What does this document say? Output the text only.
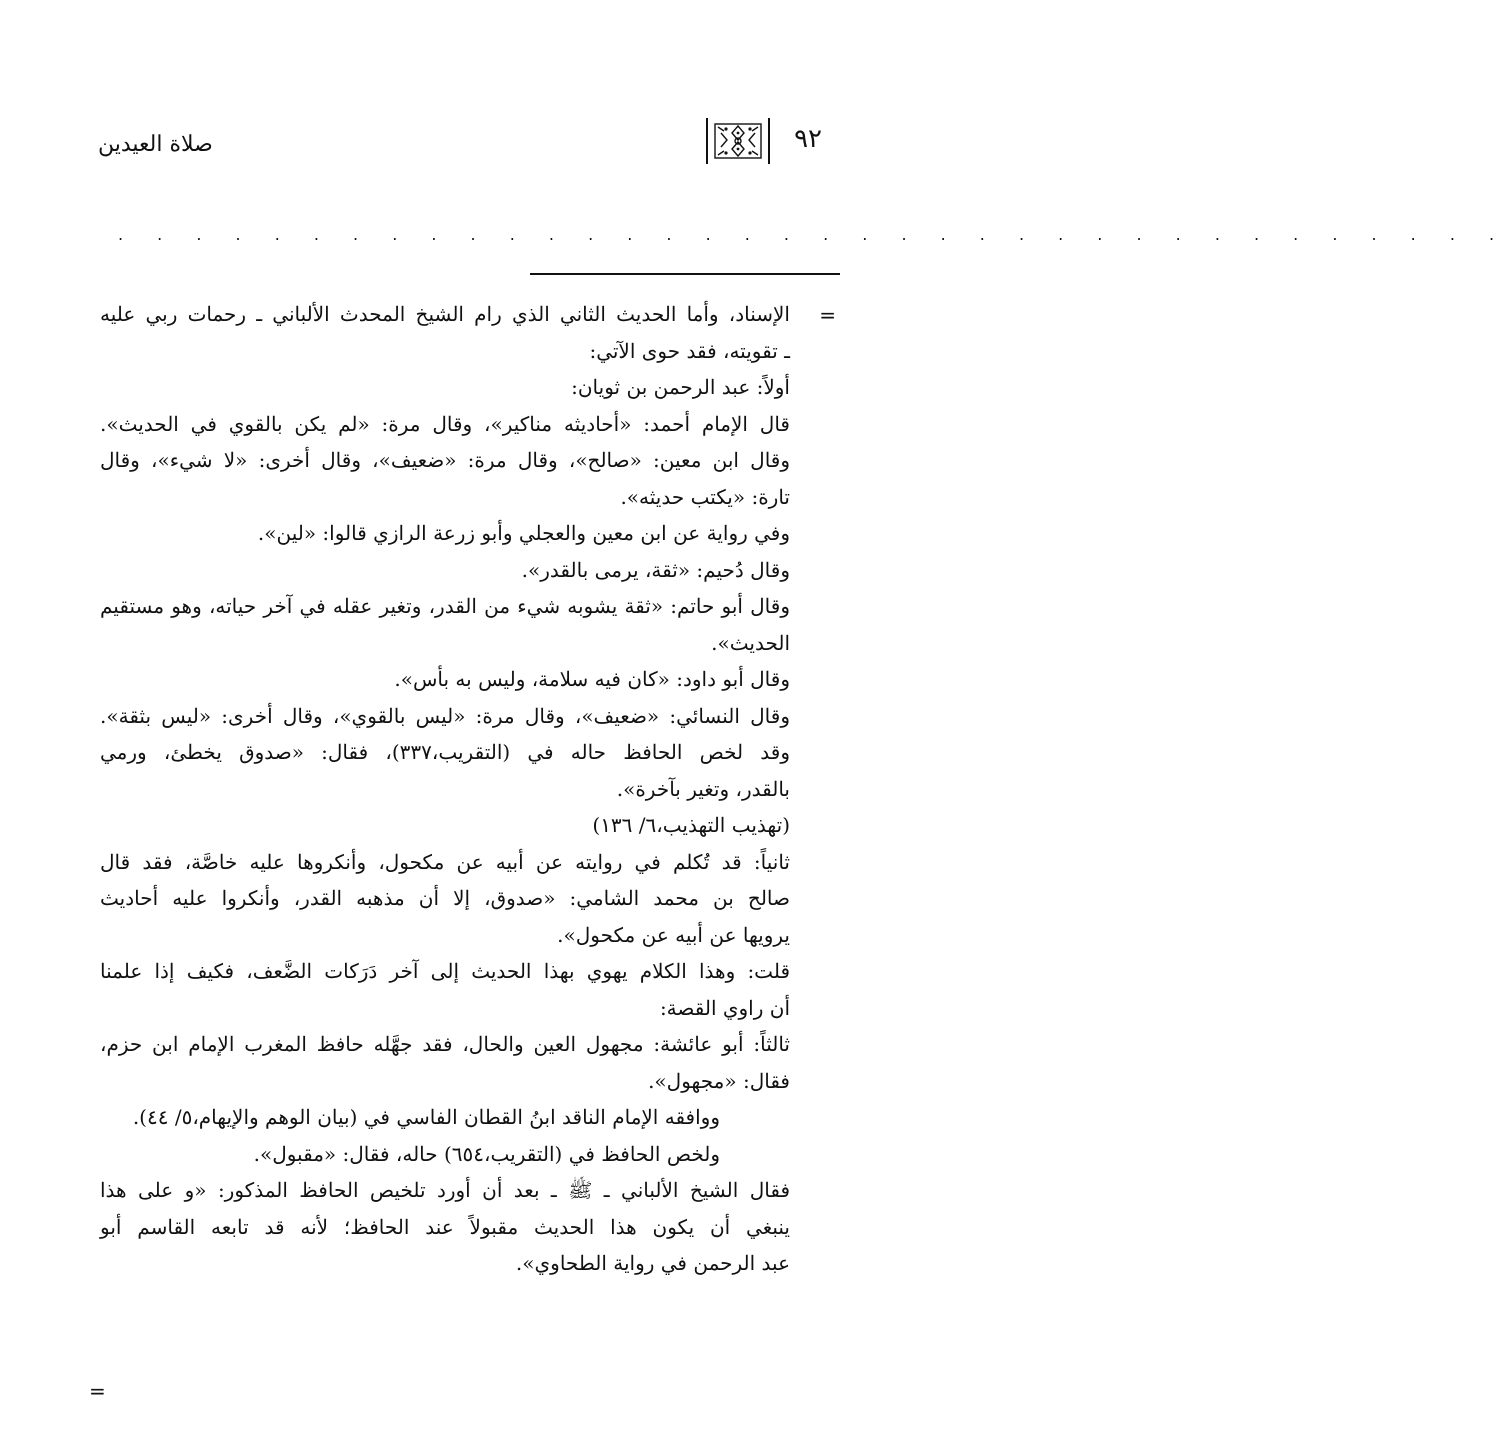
٩٢
صلاة العيدين
. . . . . . . . . . . . . . . . . . . . . . . . . . . . . . . . . . . .
=
=
الإسناد، وأما الحديث الثاني الذي رام الشيخ المحدث الألباني ـ رحمات ربي عليه
ـ تقويته، فقد حوى الآتي:
أولاً: عبد الرحمن بن ثويان:
قال الإمام أحمد: «أحاديثه مناكير»، وقال مرة: «لم يكن بالقوي في الحديث».
وقال ابن معين: «صالح»، وقال مرة: «ضعيف»، وقال أخرى: «لا شيء»، وقال
تارة: «يكتب حديثه».
وفي رواية عن ابن معين والعجلي وأبو زرعة الرازي قالوا: «لين».
وقال دُحيم: «ثقة، يرمى بالقدر».
وقال أبو حاتم: «ثقة يشوبه شيء من القدر، وتغير عقله في آخر حياته، وهو مستقيم
الحديث».
وقال أبو داود: «كان فيه سلامة، وليس به بأس».
وقال النسائي: «ضعيف»، وقال مرة: «ليس بالقوي»، وقال أخرى: «ليس بثقة».
وقد لخص الحافظ حاله في (التقريب،٣٣٧)، فقال: «صدوق يخطئ، ورمي
بالقدر، وتغير بآخرة».
(تهذيب التهذيب،٦/ ١٣٦)
ثانياً: قد تُكلم في روايته عن أبيه عن مكحول، وأنكروها عليه خاصَّة، فقد قال
صالح بن محمد الشامي: «صدوق، إلا أن مذهبه القدر، وأنكروا عليه أحاديث
يرويها عن أبيه عن مكحول».
قلت: وهذا الكلام يهوي بهذا الحديث إلى آخر دَرَكات الضَّعف، فكيف إذا علمنا
أن راوي القصة:
ثالثاً: أبو عائشة: مجهول العين والحال، فقد جهَّله حافظ المغرب الإمام ابن حزم،
فقال: «مجهول».
ووافقه الإمام الناقد ابنُ القطان الفاسي في (بيان الوهم والإيهام،٥/ ٤٤).
ولخص الحافظ في (التقريب،٦٥٤) حاله، فقال: «مقبول».
فقال الشيخ الألباني ـ ﷺ ـ بعد أن أورد تلخيص الحافظ المذكور: «و على هذا
ينبغي أن يكون هذا الحديث مقبولاً عند الحافظ؛ لأنه قد تابعه القاسم أبو
عبد الرحمن في رواية الطحاوي».
